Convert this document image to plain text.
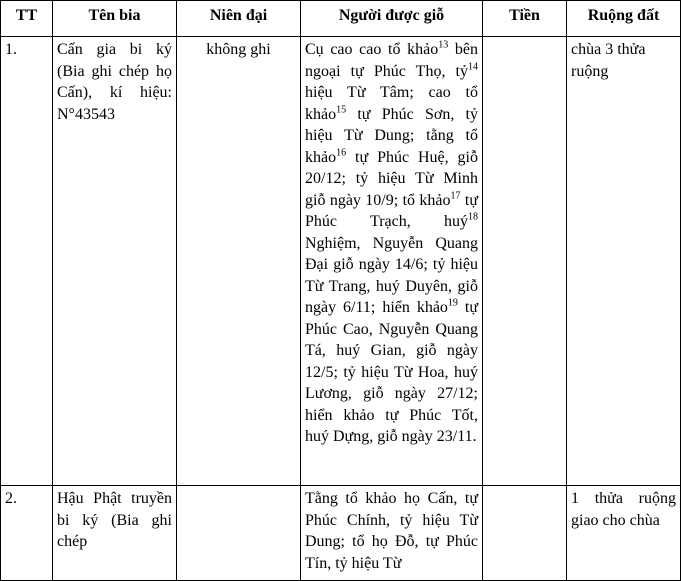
TT	Tên bia	Niên đại	Người được giỗ	Tiền	Ruộng đất
1.	Cấn gia bi ký (Bia ghi chép họ Cấn), kí hiệu: N°43543	không ghi	Cụ cao cao tổ khảo$^{13}$ bên ngoại tự Phúc Thọ, tỷ$^{14}$ hiệu Từ Tâm; cao tổ khảo$^{15}$ tự Phúc Sơn, tỷ hiệu Từ Dung; tằng tổ khảo$^{16}$ tự Phúc Huệ, giỗ 20/12; tỷ hiệu Từ Minh giỗ ngày 10/9; tổ khảo$^{17}$ tự Phúc Trạch, huý$^{18}$ Nghiệm, Nguyễn Quang Đại giỗ ngày 14/6; tỷ hiệu Từ Trang, huý Duyên, giỗ ngày 6/11; hiển khảo$^{19}$ tự Phúc Cao, Nguyễn Quang Tá, huý Gian, giỗ ngày 12/5; tỷ hiệu Từ Hoa, huý Lương, giỗ ngày 27/12; hiển khảo tự Phúc Tốt, huý Dựng, giỗ ngày 23/11.		chùa 3 thửa ruộng
2.	Hậu Phật truyền bi ký (Bia ghi chép		Tằng tổ khảo họ Cấn, tự Phúc Chính, tỷ hiệu Từ Dung; tổ họ Đỗ, tự Phúc Tín, tỷ hiệu Từ		1 thửa ruộng giao cho chùa
